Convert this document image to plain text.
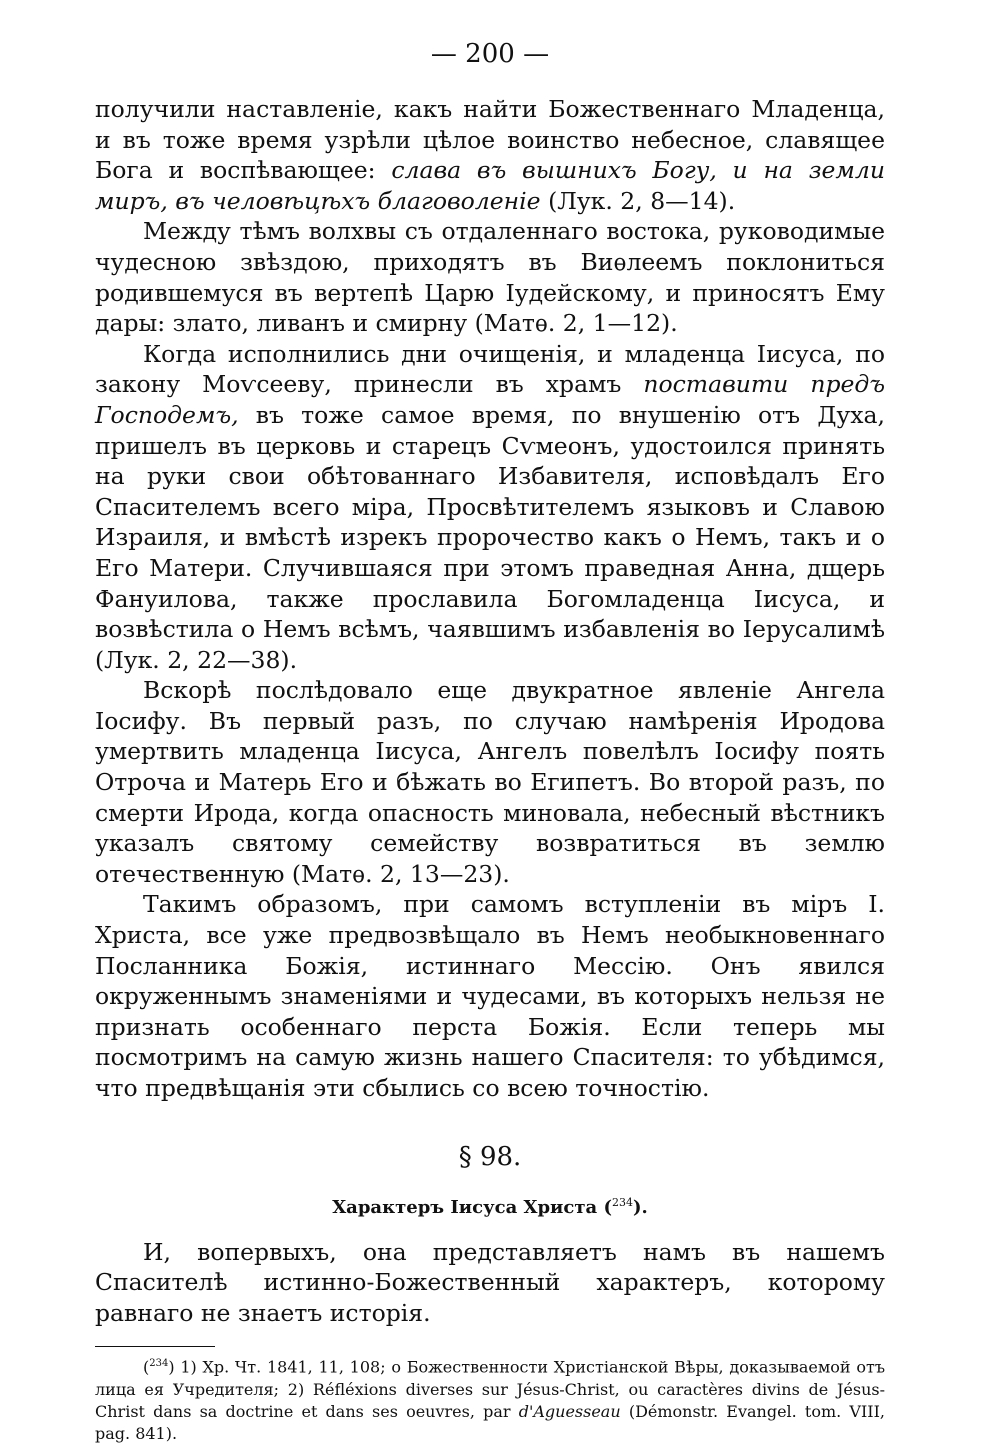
— 200 —

получили наставленіе, какъ найти Божественнаго Младенца, и въ тоже время узрѣли цѣлое воинство небесное, славящее Бога и воспѣвающее: слава въ вышнихъ Богу, и на земли миръ, въ человѣцѣхъ благоволеніе (Лук. 2, 8—14).

Между тѣмъ волхвы съ отдаленнаго востока, руководимые чудесною звѣздою, приходятъ въ Виѳлеемъ поклониться родившемуся въ вертепѣ Царю Іудейскому, и приносятъ Ему дары: злато, ливанъ и смирну (Матѳ. 2, 1—12).

Когда исполнились дни очищенія, и младенца Іисуса, по закону Моѵсееву, принесли въ храмъ поставити предъ Господемъ, въ тоже самое время, по внушенію отъ Духа, пришелъ въ церковь и старецъ Сѵмеонъ, удостоился принять на руки свои обѣтованнаго Избавителя, исповѣдалъ Его Спасителемъ всего міра, Просвѣтителемъ языковъ и Славою Израиля, и вмѣстѣ изрекъ пророчество какъ о Немъ, такъ и о Его Матери. Случившаяся при этомъ праведная Анна, дщерь Фануилова, также прославила Богомладенца Іисуса, и возвѣстила о Немъ всѣмъ, чаявшимъ избавленія во Іерусалимѣ (Лук. 2, 22—38).

Вскорѣ послѣдовало еще двукратное явленіе Ангела Іосифу. Въ первый разъ, по случаю намѣренія Иродова умертвить младенца Іисуса, Ангелъ повелѣлъ Іосифу поять Отроча и Матерь Его и бѣжать во Египетъ. Во второй разъ, по смерти Ирода, когда опасность миновала, небесный вѣстникъ указалъ святому семейству возвратиться въ землю отечественную (Матѳ. 2, 13—23).

Такимъ образомъ, при самомъ вступленіи въ міръ І. Христа, все уже предвозвѣщало въ Немъ необыкновеннаго Посланника Божія, истиннаго Мессію. Онъ явился окруженнымъ знаменіями и чудесами, въ которыхъ нельзя не признать особеннаго перста Божія. Если теперь мы посмотримъ на самую жизнь нашего Спасителя: то убѣдимся, что предвѣщанія эти сбылись со всею точностію.

§ 98.
Характеръ Іисуса Христа ($^{234}$).

И, вопервыхъ, она представляетъ намъ въ нашемъ Спасителѣ истинно-Божественный характеръ, которому равнаго не знаетъ исторія.

($^{234}$) 1) Хр. Чт. 1841, 11, 108; о Божественности Христіанской Вѣры, доказываемой отъ лица ея Учредителя; 2) Réfléxions diverses sur Jésus-Christ, ou caractères divins de Jésus-Christ dans sa doctrine et dans ses oeuvres, par d'Aguesseau (Démonstr. Evangel. tom. VIII, pag. 841).
